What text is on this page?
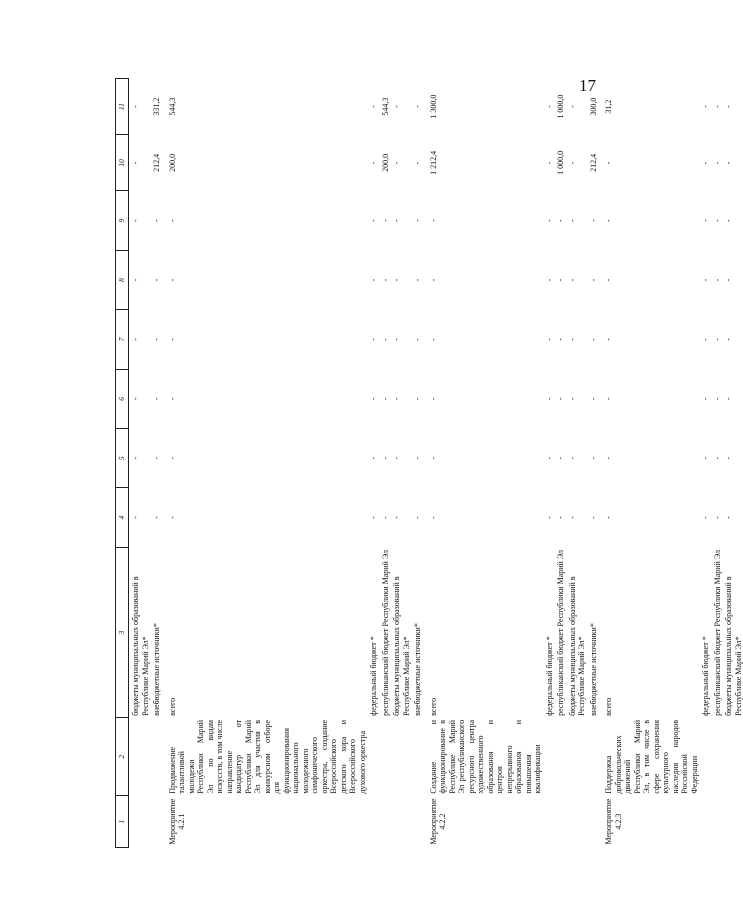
17
1	2	3	4	5	6	7	8	9	10	11
		бюджеты муниципальных образований в Республике Марий Эл*	-	-	-	-	-	-	-	-
		внебюджетные источники*	-	-	-	-	-	-	212,4	331,2
Мероприятие 4.2.1	Продвижение талантливой молодежи Республики Марий Эл по видам искусств, в том числе направление кандидатур от Республики Марий Эл для участия в конкурсном отборе для функционирования национального молодежного симфонического оркестра, создание Всероссийского детского хора и Всероссийского духового оркестра	всего	-	-	-	-	-	-	200,0	544,3
		федеральный бюджет *	-	-	-	-	-	-	-	-
		республиканский бюджет Республики Марий Эл	-	-	-	-	-	-	200,0	544,3
		бюджеты муниципальных образований в Республике Марий Эл*	-	-	-	-	-	-	-	-
		внебюджетные источники*	-	-	-	-	-	-	-	-
Мероприятие 4.2.2	Создание и функционирование в Республике Марий Эл республиканского ресурсного центра художественного образования и центров непрерывного образования и повышения квалификации	всего	-	-	-	-	-	-	1 212,4	1 300,0
		федеральный бюджет *	-	-	-	-	-	-	-	-
		республиканский бюджет Республики Марий Эл	-	-	-	-	-	-	1 000,0	1 000,0
		бюджеты муниципальных образований в Республике Марий Эл*	-	-	-	-	-	-	-	-
		внебюджетные источники*	-	-	-	-	-	-	212,4	300,0
Мероприятие 4.2.3	Поддержка добровольческих движений Республики Марий Эл, в том числе в сфере сохранения культурного наследия народов Российской Федерации	всего	-	-	-	-	-	-	-	31,2
		федеральный бюджет *	-	-	-	-	-	-	-	-
		республиканский бюджет Республики Марий Эл	-	-	-	-	-	-	-	-
		бюджеты муниципальных образований в Республике Марий Эл*	-	-	-	-	-	-	-	-
